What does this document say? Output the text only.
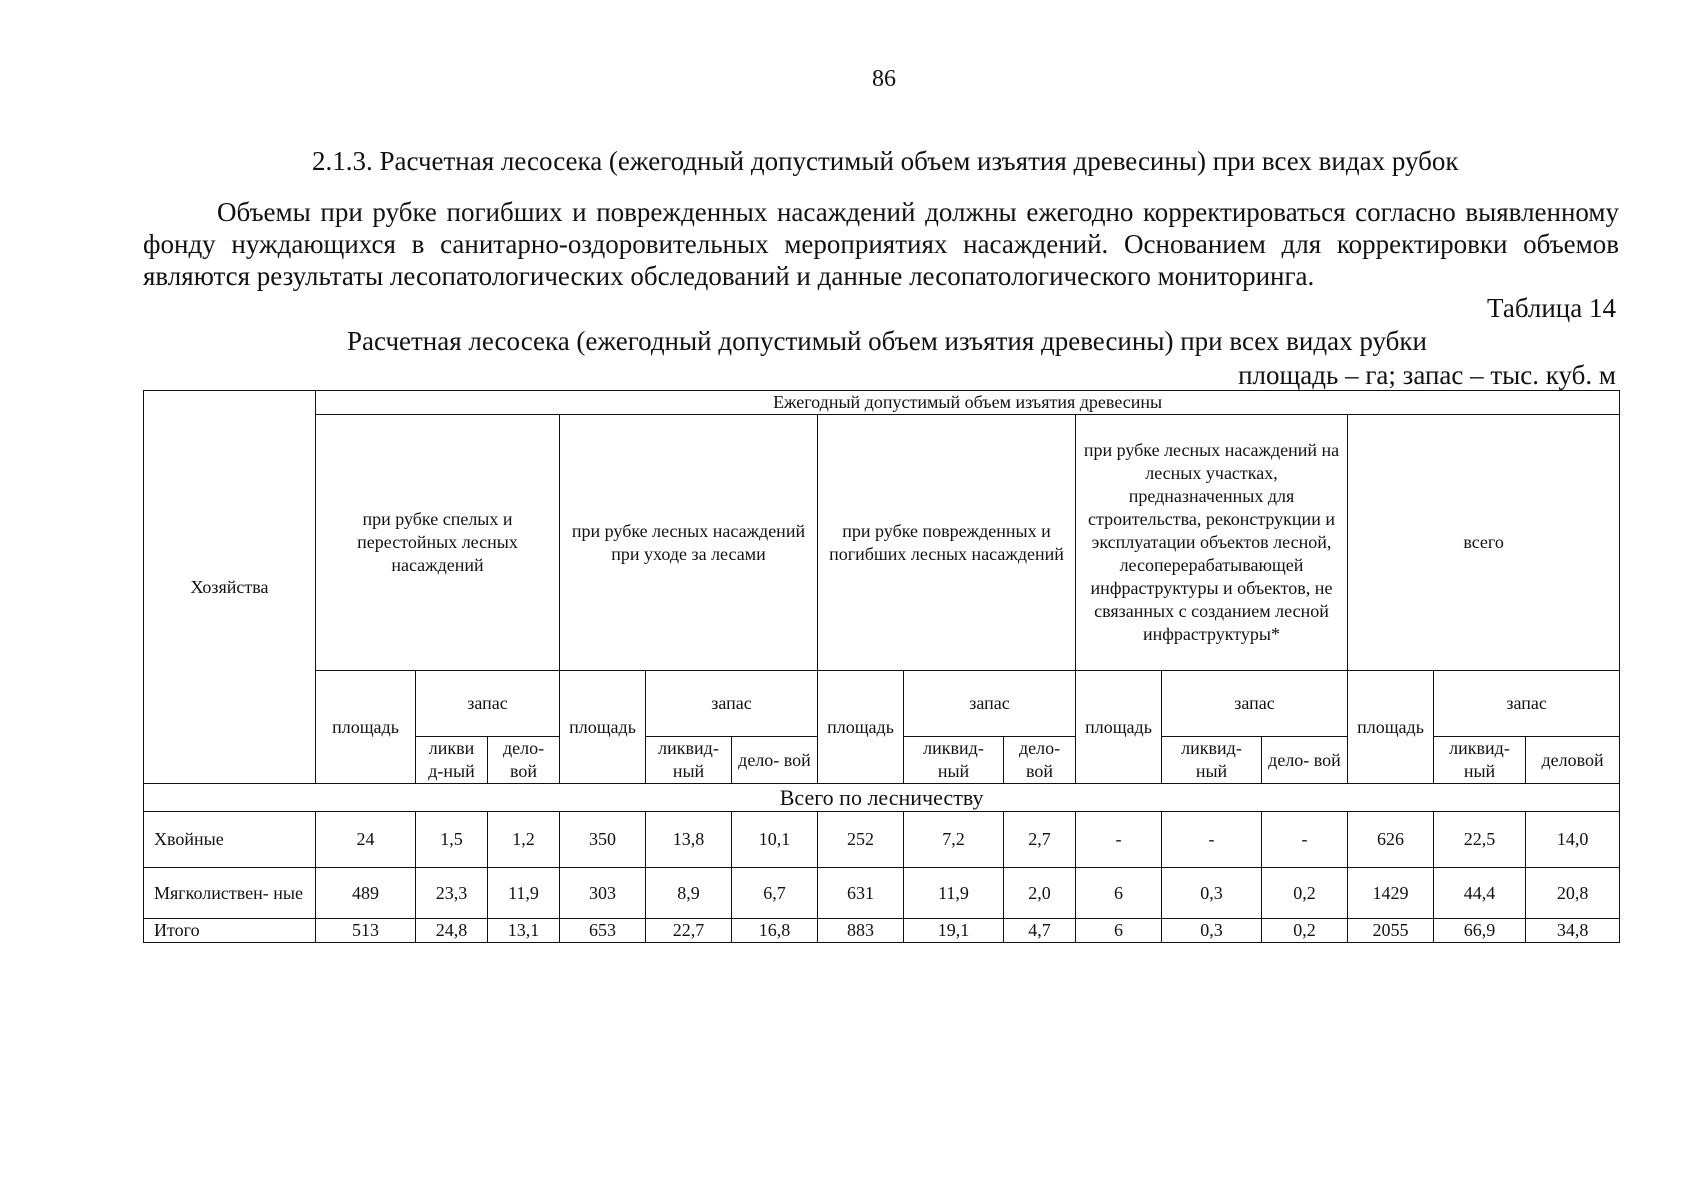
86
2.1.3. Расчетная лесосека (ежегодный допустимый объем изъятия древесины) при всех видах рубок
Объемы при рубке погибших и поврежденных насаждений должны ежегодно корректироваться согласно выявленному фонду нуждающихся в санитарно-оздоровительных мероприятиях насаждений. Основанием для корректировки объемов являются результаты лесопатологических обследований и данные лесопатологического мониторинга.
Таблица 14
Расчетная лесосека (ежегодный допустимый объем изъятия древесины) при всех видах рубки
площадь – га; запас – тыс. куб. м
Хозяйства	Ежегодный допустимый объем изъятия древесины														
	при рубке спелых и перестойных лесных насаждений			при рубке лесных насаждений при уходе за лесами			при рубке поврежденных и погибших лесных насаждений			при рубке лесных насаждений на лесных участках, предназначенных для строительства, реконструкции и эксплуатации объектов лесной, лесоперерабатывающей инфраструктуры и объектов, не связанных с созданием лесной инфраструктуры*			всего		
	площадь	запас		площадь	запас		площадь	запас		площадь	запас		площадь	запас	
		ликви д-ный	дело- вой		ликвид- ный	дело- вой		ликвид- ный	дело- вой		ликвид- ный	дело- вой		ликвид- ный	деловой
Всего по лесничеству															
Хвойные	24	1,5	1,2	350	13,8	10,1	252	7,2	2,7	-	-	-	626	22,5	14,0
Мягколиствен- ные	489	23,3	11,9	303	8,9	6,7	631	11,9	2,0	6	0,3	0,2	1429	44,4	20,8
Итого	513	24,8	13,1	653	22,7	16,8	883	19,1	4,7	6	0,3	0,2	2055	66,9	34,8
